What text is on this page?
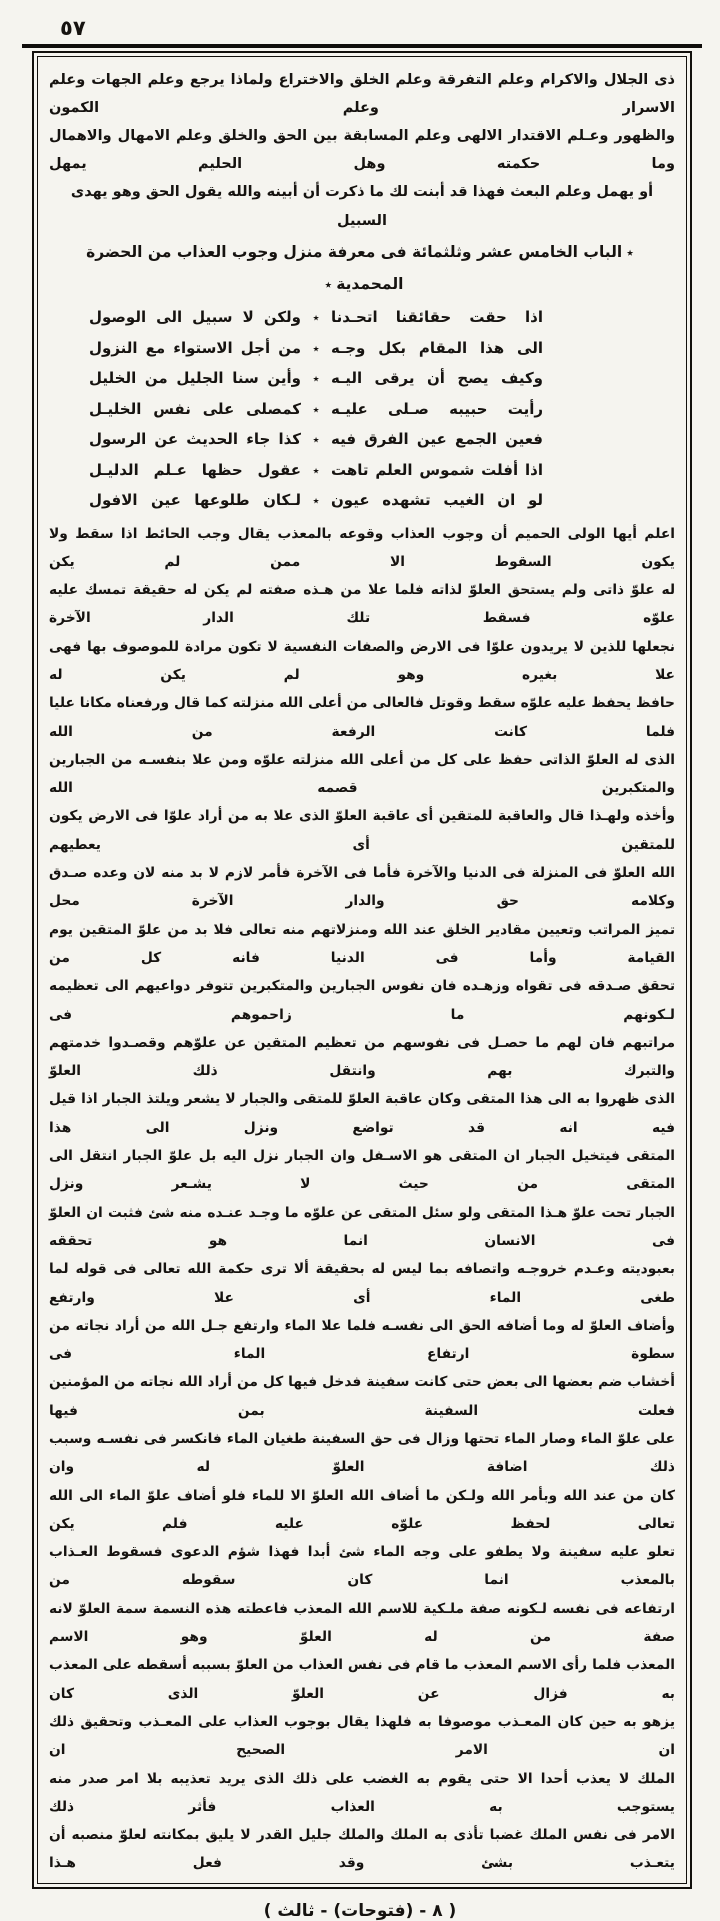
٥٧
ذى الجلال والاكرام وعلم التفرقة وعلم الخلق والاختراع ولماذا يرجع وعلم الجهات وعلم الاسرار وعلم الكمون
والظهور وعـلم الاقتدار الالهى وعلم المسابقة بين الحق والخلق وعلم الامهال والاهمال وما حكمته وهل الحليم يمهل
أو يهمل وعلم البعث فهذا قد أبنت لك ما ذكرت أن أبينه والله يقول الحق وهو يهدى السبيل
٭الباب الخامس عشر وثلثمائة فى معرفة منزل وجوب العذاب من الحضرة المحمدية٭
اذا حقت حقائقنا اتحـدنا
٭
ولكن لا سبيل الى الوصول
الى هذا المقام بكل وجـه
٭
من أجل الاستواء مع النزول
وكيف يصح أن يرقى اليـه
٭
وأين سنا الجليل من الخليل
رأيت حبيبه صـلى عليـه
٭
كمصلى على نفس الخليـل
فعين الجمع عين الفرق فيه
٭
كذا جاء الحديث عن الرسول
اذا أفلت شموس العلم تاهت
٭
عقول حظها عـلم الدليـل
لو ان الغيب تشهده عيون
٭
لـكان طلوعها عين الافول
اعلم أيها الولى الحميم أن وجوب العذاب وقوعه بالمعذب يقال وجب الحائط اذا سقط ولا يكون السقوط الا ممن لم يكن
له علوّ ذاتى ولم يستحق العلوّ لذاته فلما علا من هـذه صفته لم يكن له حقيقة تمسك عليه علوّه فسقط تلك الدار الآخرة
نجعلها للذين لا يريدون علوّا فى الارض والصفات النفسية لا تكون مرادة للموصوف بها فهى علا بغيره وهو لم يكن له
حافظ يحفظ عليه علوّه سقط وقوتل فالعالى من أعلى الله منزلته كما قال ورفعناه مكانا عليا فلما كانت الرفعة من الله
الذى له العلوّ الذاتى حفظ على كل من أعلى الله منزلته علوّه ومن علا بنفسـه من الجبارين والمتكبرين قصمه الله
وأخذه ولهـذا قال والعاقبة للمتقين أى عاقبة العلوّ الذى علا به من أراد علوّا فى الارض يكون للمتقين أى يعطيهم
الله العلوّ فى المنزلة فى الدنيا والآخرة فأما فى الآخرة فأمر لازم لا بد منه لان وعده صـدق وكلامه حق والدار الآخرة محل
تميز المراتب وتعيين مقادير الخلق عند الله ومنزلاتهم منه تعالى فلا بد من علوّ المتقين يوم القيامة وأما فى الدنيا فانه كل من
تحقق صـدقه فى تقواه وزهـده فان نفوس الجبارين والمتكبرين تتوفر دواعيهم الى تعظيمه لـكونهم ما زاحموهم فى
مراتبهم فان لهم ما حصـل فى نفوسهم من تعظيم المتقين عن علوّهم وقصـدوا خدمتهم والتبرك بهم وانتقل ذلك العلوّ
الذى ظهروا به الى هذا المتقى وكان عاقبة العلوّ للمتقى والجبار لا يشعر ويلتذ الجبار اذا قيل فيه انه قد تواضع ونزل الى هذا
المتقى فيتخيل الجبار ان المتقى هو الاسـفل وان الجبار نزل اليه بل علوّ الجبار انتقل الى المتقى من حيث لا يشـعر ونزل
الجبار تحت علوّ هـذا المتقى ولو سئل المتقى عن علوّه ما وجـد عنـده منه شئ فثبت ان العلوّ فى الانسان انما هو تحققه
بعبوديته وعـدم خروجـه واتصافه بما ليس له بحقيقة ألا ترى حكمة الله تعالى فى قوله لما طغى الماء أى علا وارتفع
وأضاف العلوّ له وما أضافه الحق الى نفسـه فلما علا الماء وارتفع جـل الله من أراد نجاته من سطوة ارتفاع الماء فى
أخشاب ضم بعضها الى بعض حتى كانت سفينة فدخل فيها كل من أراد الله نجاته من المؤمنين فعلت السفينة بمن فيها
على علوّ الماء وصار الماء تحتها وزال فى حق السفينة طغيان الماء فانكسر فى نفسـه وسبب ذلك اضافة العلوّ له وان
كان من عند الله وبأمر الله ولـكن ما أضاف الله العلوّ الا للماء فلو أضاف علوّ الماء الى الله تعالى لحفظ علوّه عليه فلم يكن
تعلو عليه سفينة ولا يطفو على وجه الماء شئ أبدا فهذا شؤم الدعوى فسقوط العـذاب بالمعذب انما كان سقوطه من
ارتفاعه فى نفسه لـكونه صفة ملـكية للاسم الله المعذب فاعطته هذه النسمة سمة العلوّ لانه صفة من له العلوّ وهو الاسم
المعذب فلما رأى الاسم المعذب ما قام فى نفس العذاب من العلوّ بسببه أسقطه على المعذب به فزال عن العلوّ الذى كان
يزهو به حين كان المعـذب موصوفا به فلهذا يقال بوجوب العذاب على المعـذب وتحقيق ذلك ان الامر الصحيح ان
الملك لا يعذب أحدا الا حتى يقوم به الغضب على ذلك الذى يريد تعذيبه بلا امر صدر منه يستوجب به العذاب فأثر ذلك
الامر فى نفس الملك غضبا تأذى به الملك والملك جليل القدر لا يليق بمكانته لعلوّ منصبه أن يتعـذب بشئ وقد فعل هـذا
( ٨ - (فتوحات) - ثالث )
